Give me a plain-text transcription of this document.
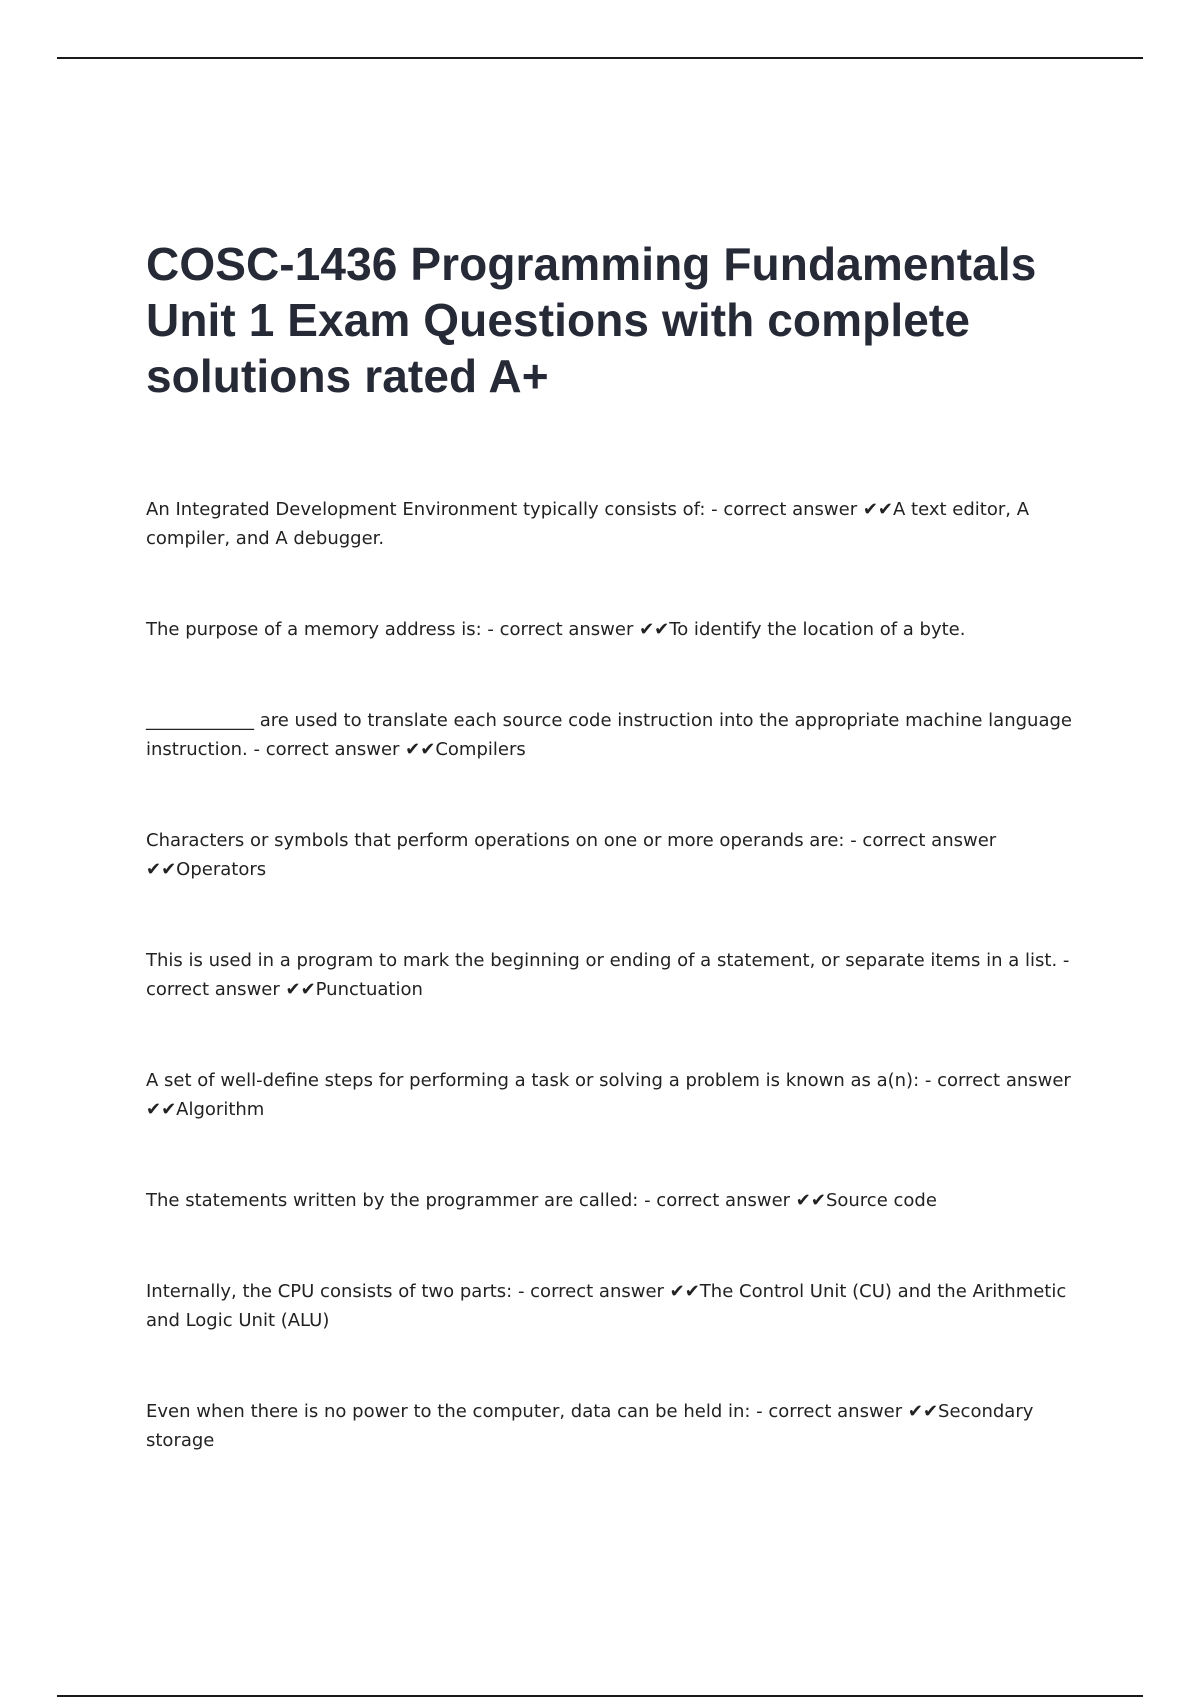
COSC-1436 Programming Fundamentals Unit 1 Exam Questions with complete solutions rated A+

An Integrated Development Environment typically consists of: - correct answer ✔✔A text editor, A compiler, and A debugger.

The purpose of a memory address is: - correct answer ✔✔To identify the location of a byte.

____________ are used to translate each source code instruction into the appropriate machine language instruction. - correct answer ✔✔Compilers

Characters or symbols that perform operations on one or more operands are: - correct answer ✔✔Operators

This is used in a program to mark the beginning or ending of a statement, or separate items in a list. - correct answer ✔✔Punctuation

A set of well-define steps for performing a task or solving a problem is known as a(n): - correct answer ✔✔Algorithm

The statements written by the programmer are called: - correct answer ✔✔Source code

Internally, the CPU consists of two parts: - correct answer ✔✔The Control Unit (CU) and the Arithmetic and Logic Unit (ALU)

Even when there is no power to the computer, data can be held in: - correct answer ✔✔Secondary storage
